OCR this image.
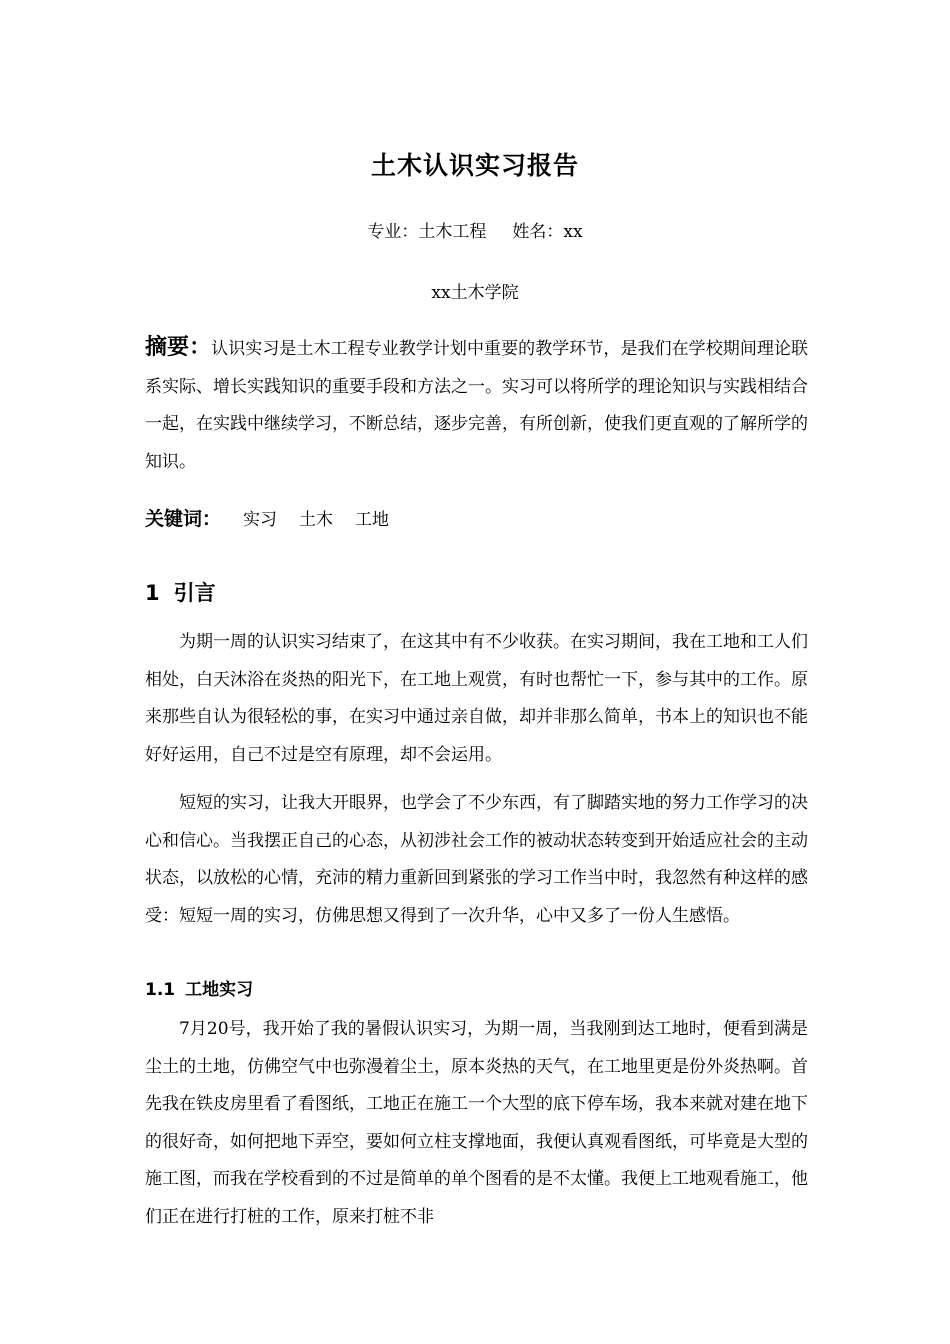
土木认识实习报告
专业：土木工程 姓名：xx
xx土木学院
摘要：认识实习是土木工程专业教学计划中重要的教学环节，是我们在学校期间理论联系实际、增长实践知识的重要手段和方法之一。实习可以将所学的理论知识与实践相结合一起，在实践中继续学习，不断总结，逐步完善，有所创新，使我们更直观的了解所学的知识。
关键词： 实习 土木 工地
1 引言
为期一周的认识实习结束了，在这其中有不少收获。在实习期间，我在工地和工人们相处，白天沐浴在炎热的阳光下，在工地上观赏，有时也帮忙一下，参与其中的工作。原来那些自认为很轻松的事，在实习中通过亲自做，却并非那么简单，书本上的知识也不能好好运用，自己不过是空有原理，却不会运用。
短短的实习，让我大开眼界，也学会了不少东西，有了脚踏实地的努力工作学习的决心和信心。当我摆正自己的心态，从初涉社会工作的被动状态转变到开始适应社会的主动状态，以放松的心情，充沛的精力重新回到紧张的学习工作当中时，我忽然有种这样的感受：短短一周的实习，仿佛思想又得到了一次升华，心中又多了一份人生感悟。
1.1 工地实习
7月20号，我开始了我的暑假认识实习，为期一周，当我刚到达工地时，便看到满是尘土的土地，仿佛空气中也弥漫着尘土，原本炎热的天气，在工地里更是份外炎热啊。首先我在铁皮房里看了看图纸，工地正在施工一个大型的底下停车场，我本来就对建在地下的很好奇，如何把地下弄空，要如何立柱支撑地面，我便认真观看图纸，可毕竟是大型的施工图，而我在学校看到的不过是简单的单个图看的是不太懂。我便上工地观看施工，他们正在进行打桩的工作，原来打桩不非
